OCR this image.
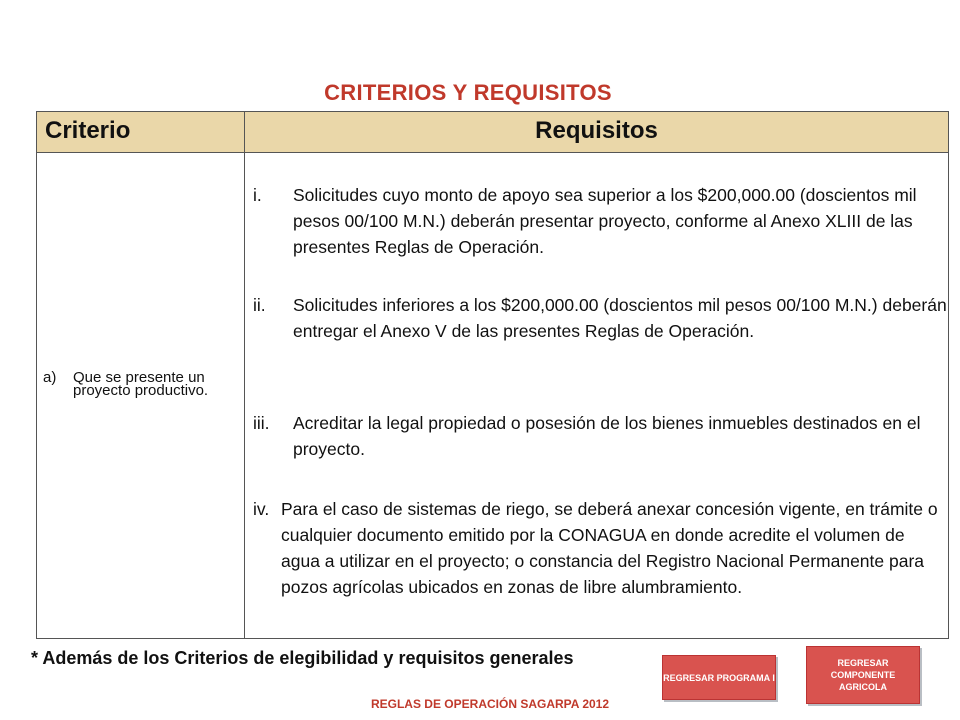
CRITERIOS Y REQUISITOS
Criterio	Requisitos
a) Que se presente un proyecto productivo.
i. Solicitudes cuyo monto de apoyo sea superior a los $200,000.00 (doscientos mil pesos 00/100 M.N.) deberán presentar proyecto, conforme al Anexo XLIII de las presentes Reglas de Operación.
ii. Solicitudes inferiores a los $200,000.00 (doscientos mil pesos 00/100 M.N.) deberán entregar el Anexo V de las presentes Reglas de Operación.
iii. Acreditar la legal propiedad o posesión de los bienes inmuebles destinados en el proyecto.
iv. Para el caso de sistemas de riego, se deberá anexar concesión vigente, en trámite o cualquier documento emitido por la CONAGUA en donde acredite el volumen de agua a utilizar en el proyecto; o constancia del Registro Nacional Permanente para pozos agrícolas ubicados en zonas de libre alumbramiento.
* Además de los Criterios de elegibilidad y requisitos generales
REGRESAR PROGRAMA I
REGRESAR COMPONENTE AGRICOLA
REGLAS DE OPERACIÓN SAGARPA 2012
